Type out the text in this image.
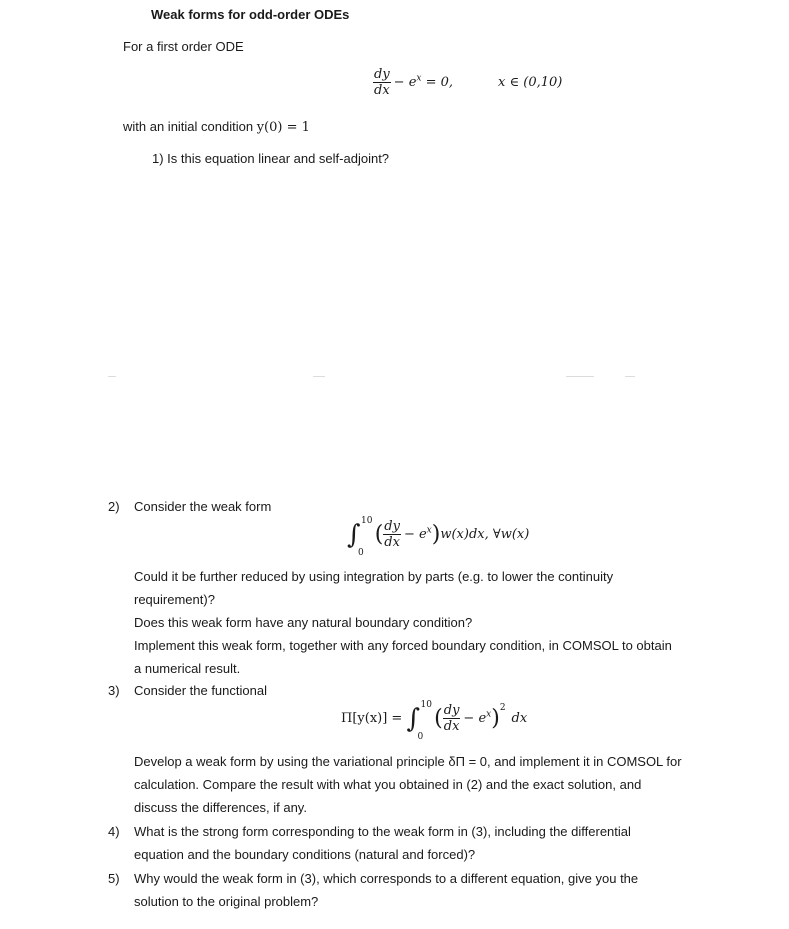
Weak forms for odd-order ODEs
For a first order ODE
$\frac{dy}{dx} - e^x = 0$,	x ∈ (0,10)
with an initial condition y(0) = 1
1) Is this equation linear and self-adjoint?
2) Consider the weak form
∫ 10
0
( $\frac{dy}{dx} - e^x)w(x)dx$, ∀w(x)
Could it be further reduced by using integration by parts (e.g. to lower the continuity
requirement)?
Does this weak form have any natural boundary condition?
Implement this weak form, together with any forced boundary condition, in COMSOL to obtain
a numerical result.
3) Consider the functional
Π[y(x)] = ∫ 10
0
( $\frac{dy}{dx} - e^x)^2dx$
Develop a weak form by using the variational principle δΠ = 0, and implement it in COMSOL for
calculation. Compare the result with what you obtained in (2) and the exact solution, and
discuss the differences, if any.
4) What is the strong form corresponding to the weak form in (3), including the differential
equation and the boundary conditions (natural and forced)?
5) Why would the weak form in (3), which corresponds to a different equation, give you the
solution to the original problem?
